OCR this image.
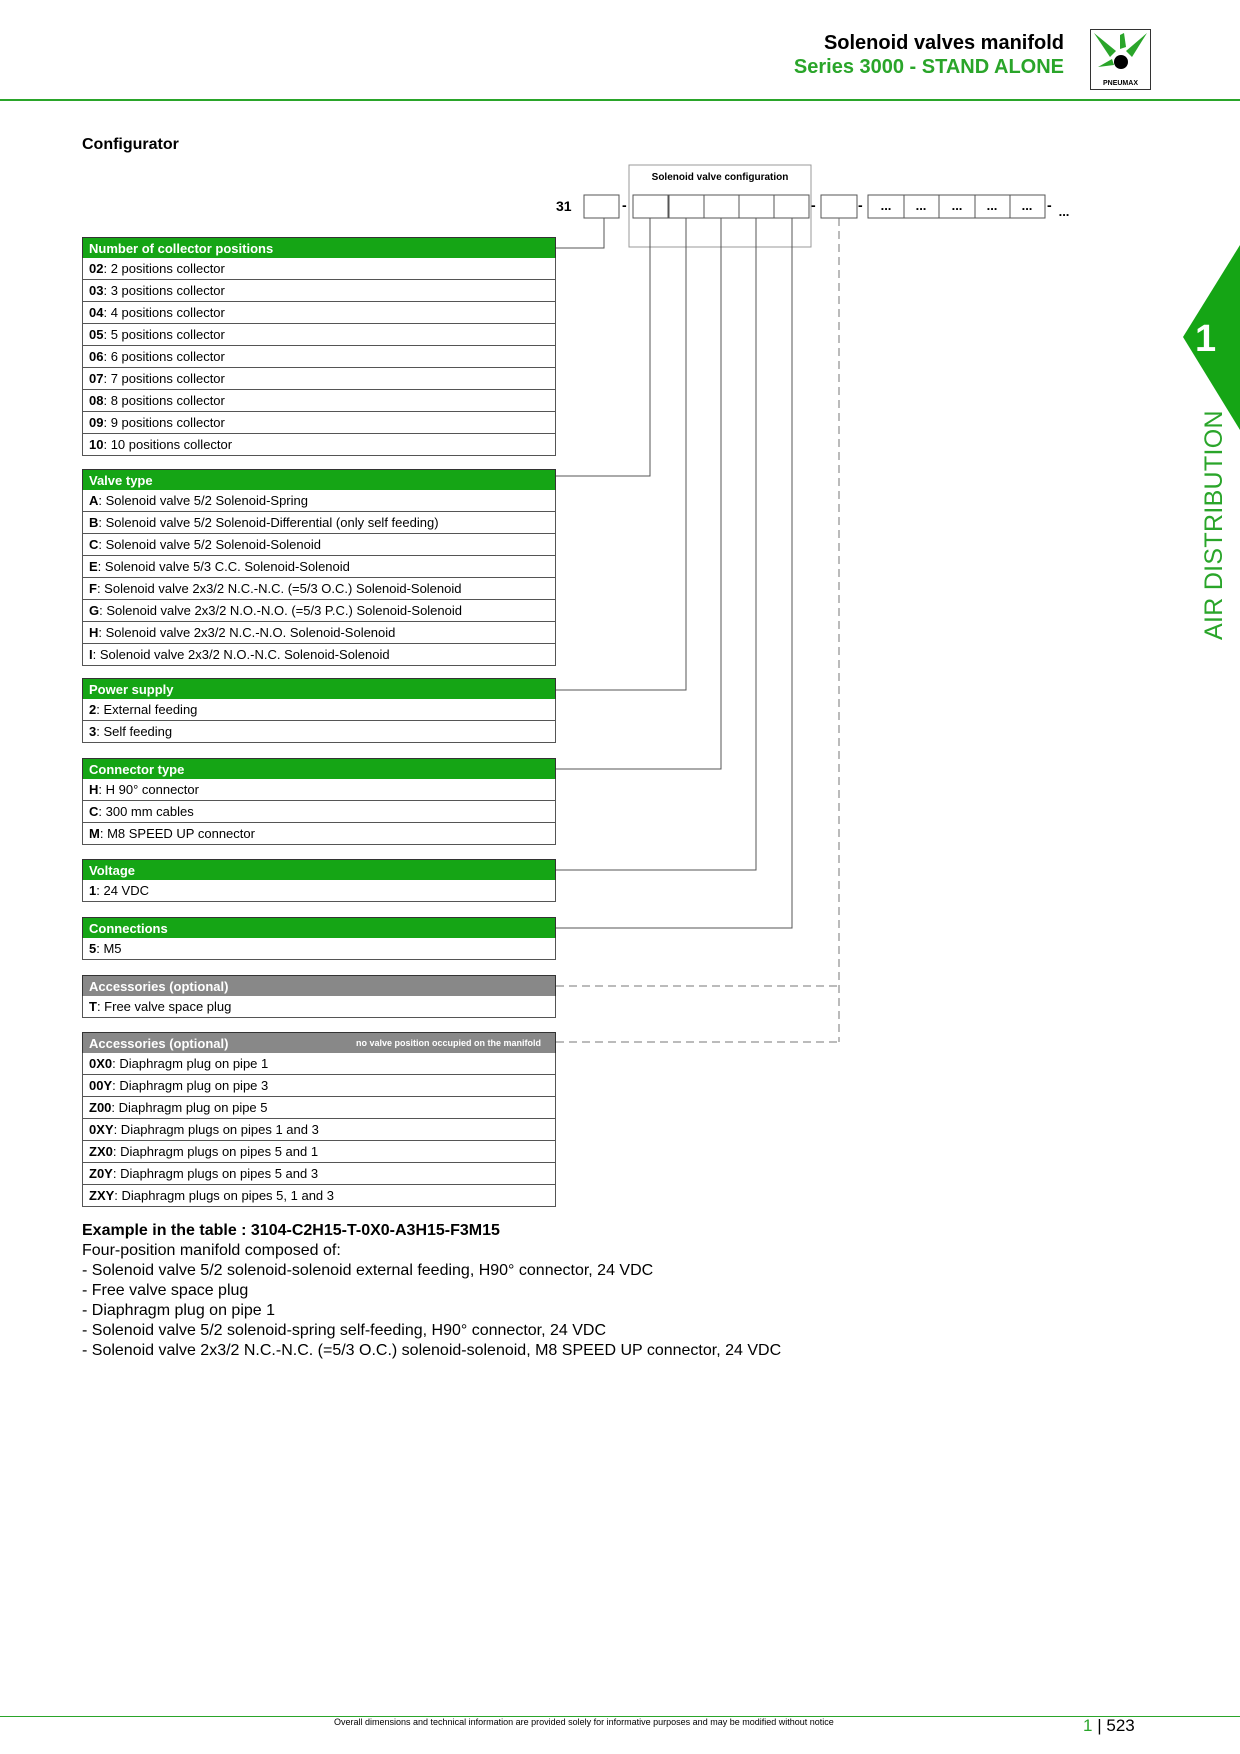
Solenoid valves manifold
Series 3000 - STAND ALONE
PNEUMAX
1
AIR DISTRIBUTION
Configurator
Solenoid valve configuration
31	-	-	-	...	...	...	...	...	- ...
Number of collector positions
02: 2 positions collector
03: 3 positions collector
04: 4 positions collector
05: 5 positions collector
06: 6 positions collector
07: 7 positions collector
08: 8 positions collector
09: 9 positions collector
10: 10 positions collector
Valve type
A: Solenoid valve 5/2 Solenoid-Spring
B: Solenoid valve 5/2 Solenoid-Differential (only self feeding)
C: Solenoid valve 5/2 Solenoid-Solenoid
E: Solenoid valve 5/3 C.C. Solenoid-Solenoid
F: Solenoid valve 2x3/2 N.C.-N.C. (=5/3 O.C.) Solenoid-Solenoid
G: Solenoid valve 2x3/2 N.O.-N.O. (=5/3 P.C.) Solenoid-Solenoid
H: Solenoid valve 2x3/2 N.C.-N.O. Solenoid-Solenoid
I: Solenoid valve 2x3/2 N.O.-N.C. Solenoid-Solenoid
Power supply
2: External feeding
3: Self feeding
Connector type
H: H 90° connector
C: 300 mm cables
M: M8 SPEED UP connector
Voltage
1: 24 VDC
Connections
5: M5
Accessories (optional)
T: Free valve space plug
Accessories (optional)	no valve position occupied on the manifold
0X0: Diaphragm plug on pipe 1
00Y: Diaphragm plug on pipe 3
Z00: Diaphragm plug on pipe 5
0XY: Diaphragm plugs on pipes 1 and 3
ZX0: Diaphragm plugs on pipes 5 and 1
Z0Y: Diaphragm plugs on pipes 5 and 3
ZXY: Diaphragm plugs on pipes 5, 1 and 3
Example in the table : 3104-C2H15-T-0X0-A3H15-F3M15
Four-position manifold composed of:
- Solenoid valve 5/2 solenoid-solenoid external feeding, H90° connector, 24 VDC
- Free valve space plug
- Diaphragm plug on pipe 1
- Solenoid valve 5/2 solenoid-spring self-feeding, H90° connector, 24 VDC
- Solenoid valve 2x3/2 N.C.-N.C. (=5/3 O.C.) solenoid-solenoid, M8 SPEED UP connector, 24 VDC
Overall dimensions and technical information are provided solely for informative purposes and may be modified without notice	1 | 523
